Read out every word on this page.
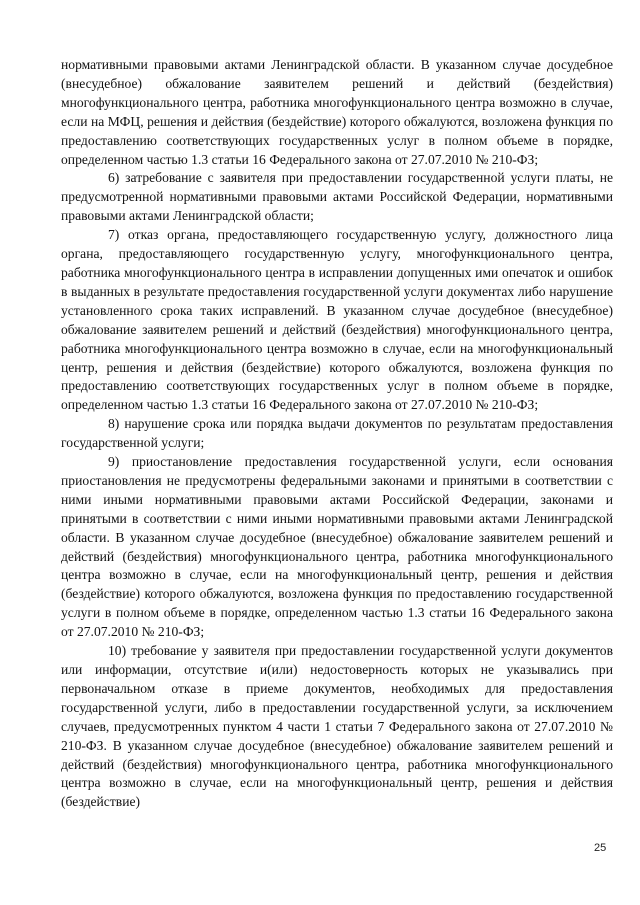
нормативными правовыми актами Ленинградской области. В указанном случае досудебное (внесудебное) обжалование заявителем решений и действий (бездействия) многофункционального центра, работника многофункционального центра возможно в случае, если на МФЦ, решения и действия (бездействие) которого обжалуются, возложена функция по предоставлению соответствующих государственных услуг в полном объеме в порядке, определенном частью 1.3 статьи 16 Федерального закона от 27.07.2010 № 210-ФЗ;

6) затребование с заявителя при предоставлении государственной услуги платы, не предусмотренной нормативными правовыми актами Российской Федерации, нормативными правовыми актами Ленинградской области;

7) отказ органа, предоставляющего государственную услугу, должностного лица органа, предоставляющего государственную услугу, многофункционального центра, работника многофункционального центра в исправлении допущенных ими опечаток и ошибок в выданных в результате предоставления государственной услуги документах либо нарушение установленного срока таких исправлений. В указанном случае досудебное (внесудебное) обжалование заявителем решений и действий (бездействия) многофункционального центра, работника многофункционального центра возможно в случае, если на многофункциональный центр, решения и действия (бездействие) которого обжалуются, возложена функция по предоставлению соответствующих государственных услуг в полном объеме в порядке, определенном частью 1.3 статьи 16 Федерального закона от 27.07.2010 № 210-ФЗ;

8) нарушение срока или порядка выдачи документов по результатам предоставления государственной услуги;

9) приостановление предоставления государственной услуги, если основания приостановления не предусмотрены федеральными законами и принятыми в соответствии с ними иными нормативными правовыми актами Российской Федерации, законами и принятыми в соответствии с ними иными нормативными правовыми актами Ленинградской области. В указанном случае досудебное (внесудебное) обжалование заявителем решений и действий (бездействия) многофункционального центра, работника многофункционального центра возможно в случае, если на многофункциональный центр, решения и действия (бездействие) которого обжалуются, возложена функция по предоставлению государственной услуги в полном объеме в порядке, определенном частью 1.3 статьи 16 Федерального закона от 27.07.2010 № 210-ФЗ;

10) требование у заявителя при предоставлении государственной услуги документов или информации, отсутствие и(или) недостоверность которых не указывались при первоначальном отказе в приеме документов, необходимых для предоставления государственной услуги, либо в предоставлении государственной услуги, за исключением случаев, предусмотренных пунктом 4 части 1 статьи 7 Федерального закона от 27.07.2010 № 210-ФЗ. В указанном случае досудебное (внесудебное) обжалование заявителем решений и действий (бездействия) многофункционального центра, работника многофункционального центра возможно в случае, если на многофункциональный центр, решения и действия (бездействие)

25
